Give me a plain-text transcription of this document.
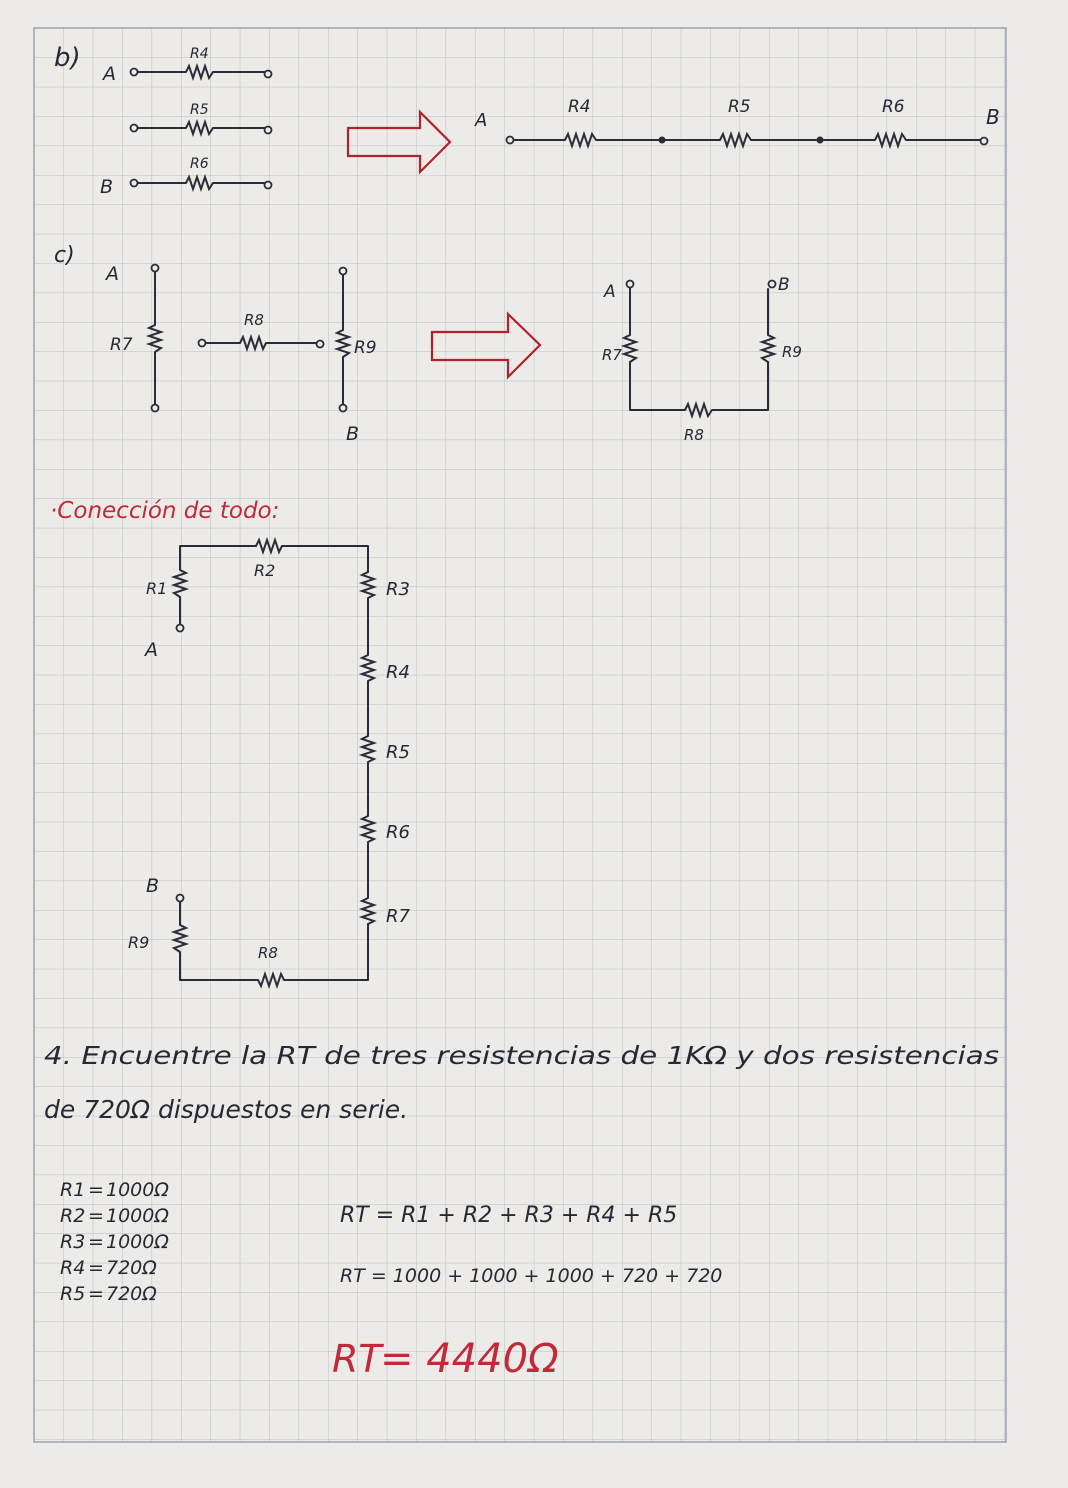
b)
A
B
R4
R5
R6
A	B
R4	R5	R6
c)
A
B
R7
R8
R9
A	B
R7	R9
R8
·Conección de todo:
A
B
R1
R2
R3
R4
R5
R6
R7
R8
R9
4. Encuentre la RT de tres resistencias de 1KΩ y dos resistencias
de 720Ω dispuestos en serie.
R1 = 1000Ω
R2 = 1000Ω
R3 = 1000Ω
R4 = 720Ω
R5 = 720Ω
RT = R1 + R2 + R3 + R4 + R5
RT = 1000 + 1000 + 1000 + 720 + 720
RT
= 4440Ω
